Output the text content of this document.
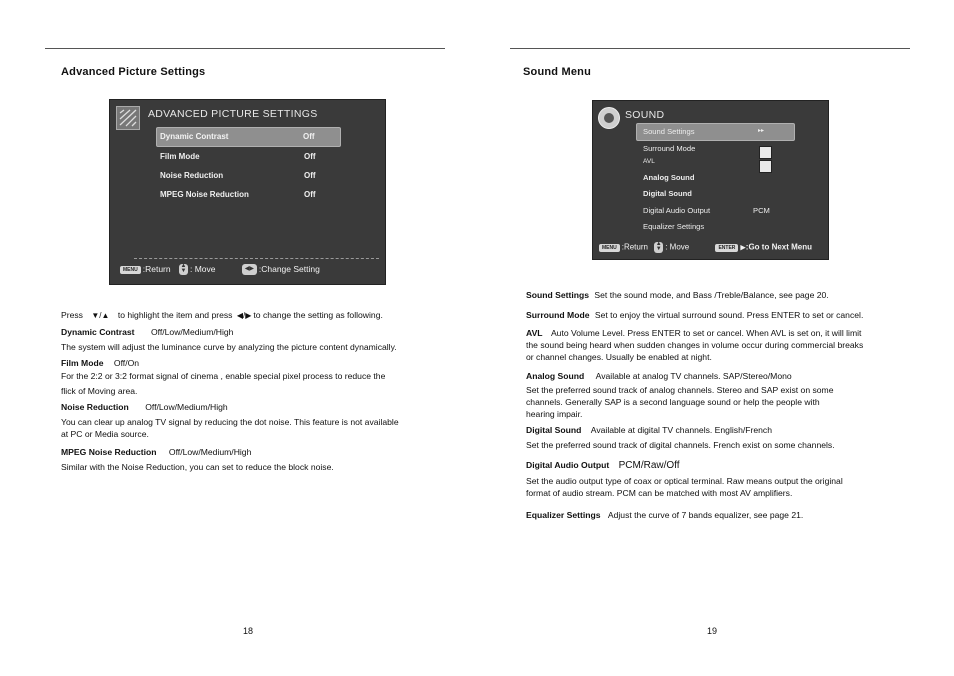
Advanced Picture Settings
ADVANCED PICTURE SETTINGS
Dynamic Contrast	Off
Film Mode	Off
Noise Reduction	Off
MPEG Noise Reduction	Off
MENU :Return ▲
▼ : Move	◀▶ :Change Setting
Press ▼/▲ to highlight the item and press ◀/▶ to change the setting as following.
Dynamic Contrast Off/Low/Medium/High
The system will adjust the luminance curve by analyzing the picture content dynamically.
Film Mode Off/On
For the 2:2 or 3:2 format signal of cinema , enable special pixel process to reduce the
flick of Moving area.
Noise Reduction Off/Low/Medium/High
You can clear up analog TV signal by reducing the dot noise. This feature is not available
at PC or Media source.
MPEG Noise Reduction Off/Low/Medium/High
Similar with the Noise Reduction, you can set to reduce the block noise.
18
Sound Menu
SOUND
▸▸
Sound Settings
Surround Mode
AVL
Analog Sound
Digital Sound
Digital Audio Output	PCM
Equalizer Settings
MENU :Return ▲
▼ : Move	ENTER ▶:Go to Next Menu
Sound Settings Set the sound mode, and Bass /Treble/Balance, see page 20.
Surround Mode Set to enjoy the virtual surround sound. Press ENTER to set or cancel.
AVL Auto Volume Level. Press ENTER to set or cancel. When AVL is set on, it will limit
the sound being heard when sudden changes in volume occur during commercial breaks
or channel changes. Usually be enabled at night.
Analog Sound Available at analog TV channels. SAP/Stereo/Mono
Set the preferred sound track of analog channels. Stereo and SAP exist on some
channels. Generally SAP is a second language sound or help the people with
hearing impair.
Digital Sound Available at digital TV channels. English/French
Set the preferred sound track of digital channels. French exist on some channels.
Digital Audio Output PCM/Raw/Off
Set the audio output type of coax or optical terminal. Raw means output the original
format of audio stream. PCM can be matched with most AV amplifiers.
Equalizer Settings Adjust the curve of 7 bands equalizer, see page 21.
19
